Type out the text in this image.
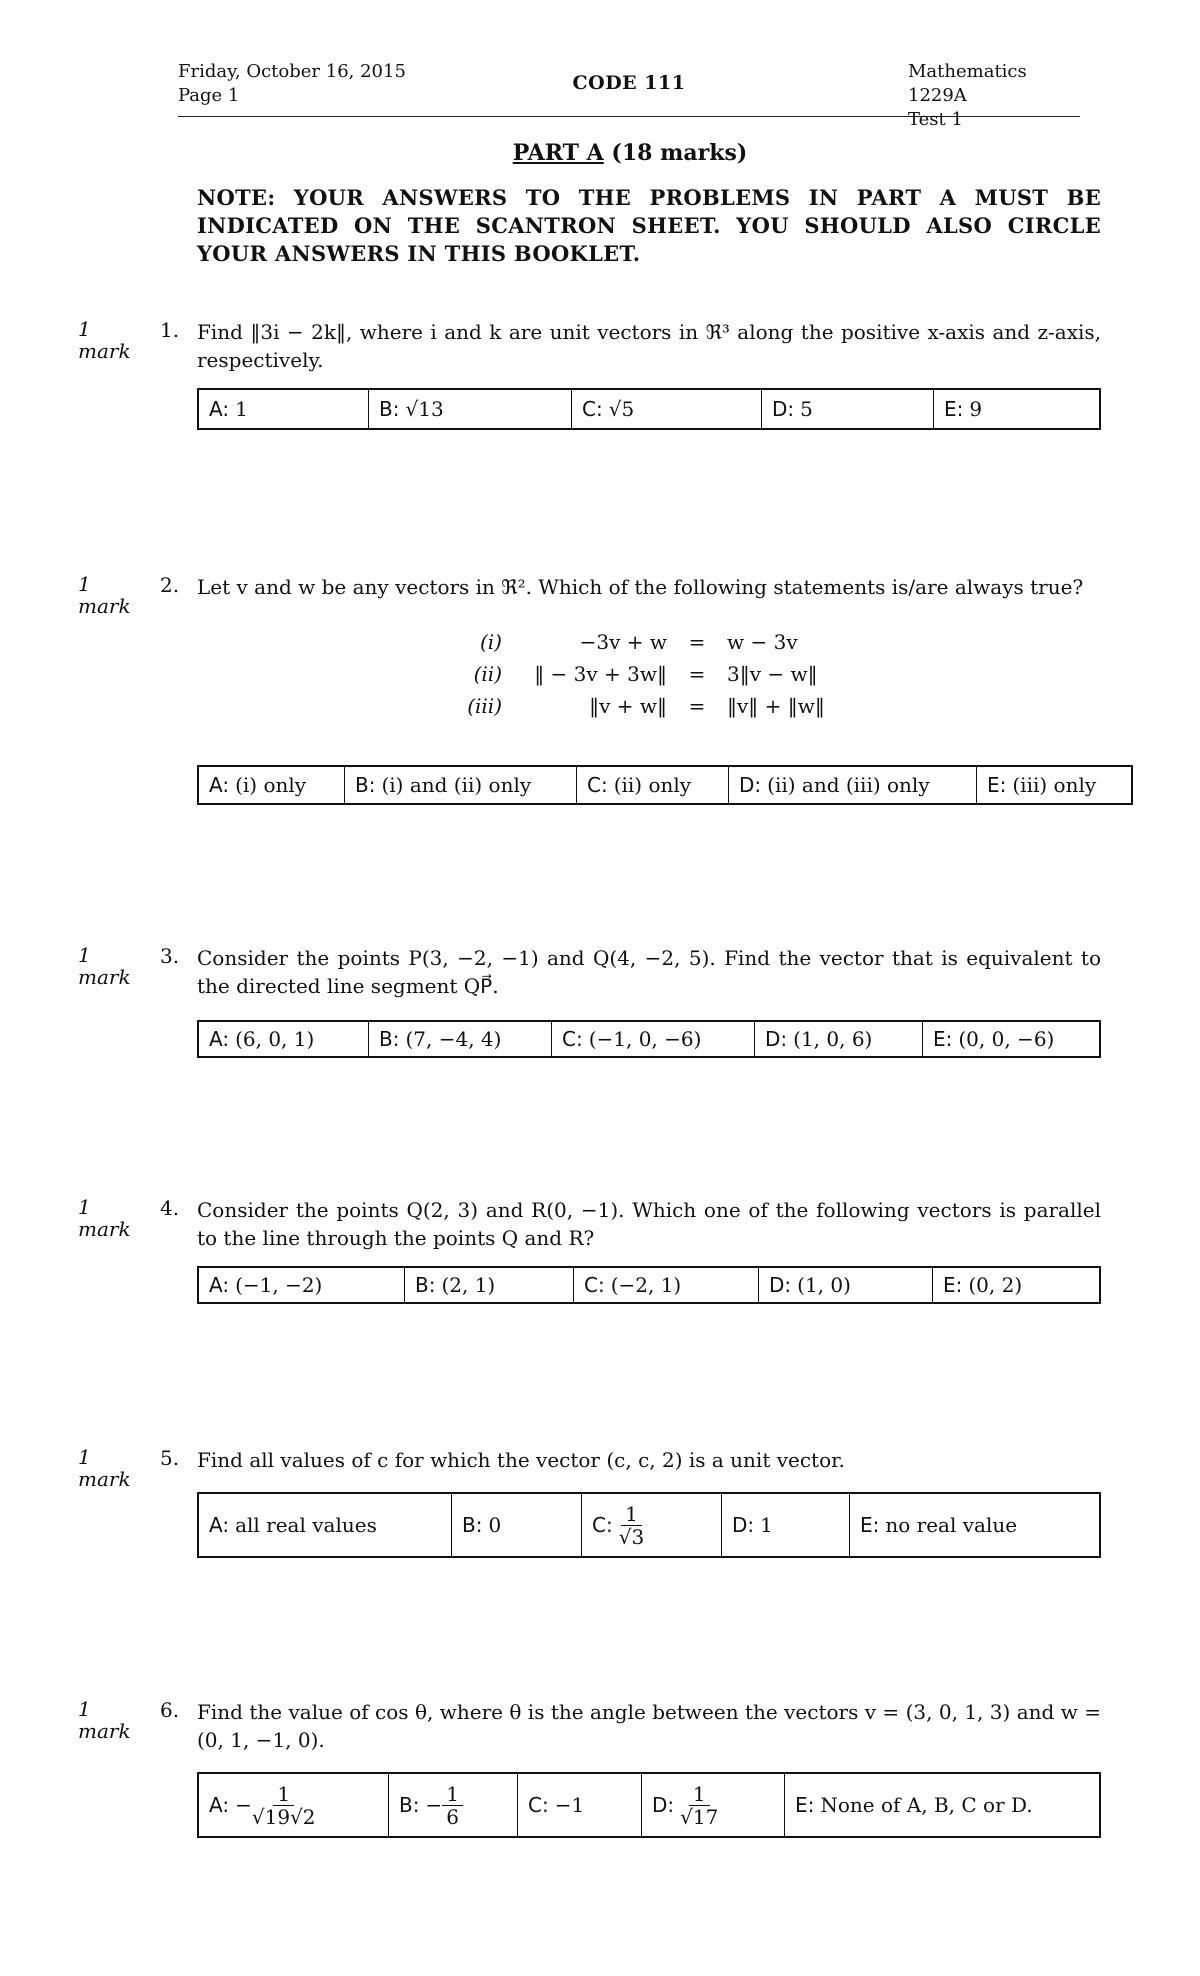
Friday, October 16, 2015
Page 1
CODE 111
Mathematics 1229A
Test 1
PART A (18 marks)
NOTE: YOUR ANSWERS TO THE PROBLEMS IN PART A MUST BE INDICATED ON THE SCANTRON SHEET. YOU SHOULD ALSO CIRCLE YOUR ANSWERS IN THIS BOOKLET.
1
mark
1. Find ‖3i − 2k‖, where i and k are unit vectors in ℜ³ along the positive x-axis and z-axis, respectively.
A: 1	B: √13	C: √5	D: 5	E: 9
1
mark
2. Let v and w be any vectors in ℜ². Which of the following statements is/are always true?
(i)	−3v + w	=	w − 3v
(ii)	‖ − 3v + 3w‖	=	3‖v − w‖
(iii)	‖v + w‖	=	‖v‖ + ‖w‖
A: (i) only B: (i) and (ii) only	C: (ii) only D: (ii) and (iii) only	E: (iii) only
1
mark
3. Consider the points P(3, −2, −1) and Q(4, −2, 5). Find the vector that is equivalent to the directed line segment QP⃗.
A: (6, 0, 1)	B: (7, −4, 4)	C: (−1, 0, −6)	D: (1, 0, 6)	E: (0, 0, −6)
1
mark
4. Consider the points Q(2, 3) and R(0, −1). Which one of the following vectors is parallel to the line through the points Q and R?
A: (−1, −2)	B: (2, 1)	C: (−2, 1)	D: (1, 0)	E: (0, 2)
1
mark
5. Find all values of c for which the vector (c, c, 2) is a unit vector.
A: all real values	B: 0	C: $\frac{1}{√3}$	D: 1	E: no real value
1
mark
6. Find the value of cos θ, where θ is the angle between the vectors v = (3, 0, 1, 3) and w = (0, 1, −1, 0).
A: − $\frac{1}{√19√2}$	B: − $\frac{1}{6}$	C: −1	D: $\frac{1}{√17}$	E: None of A, B, C or D.
